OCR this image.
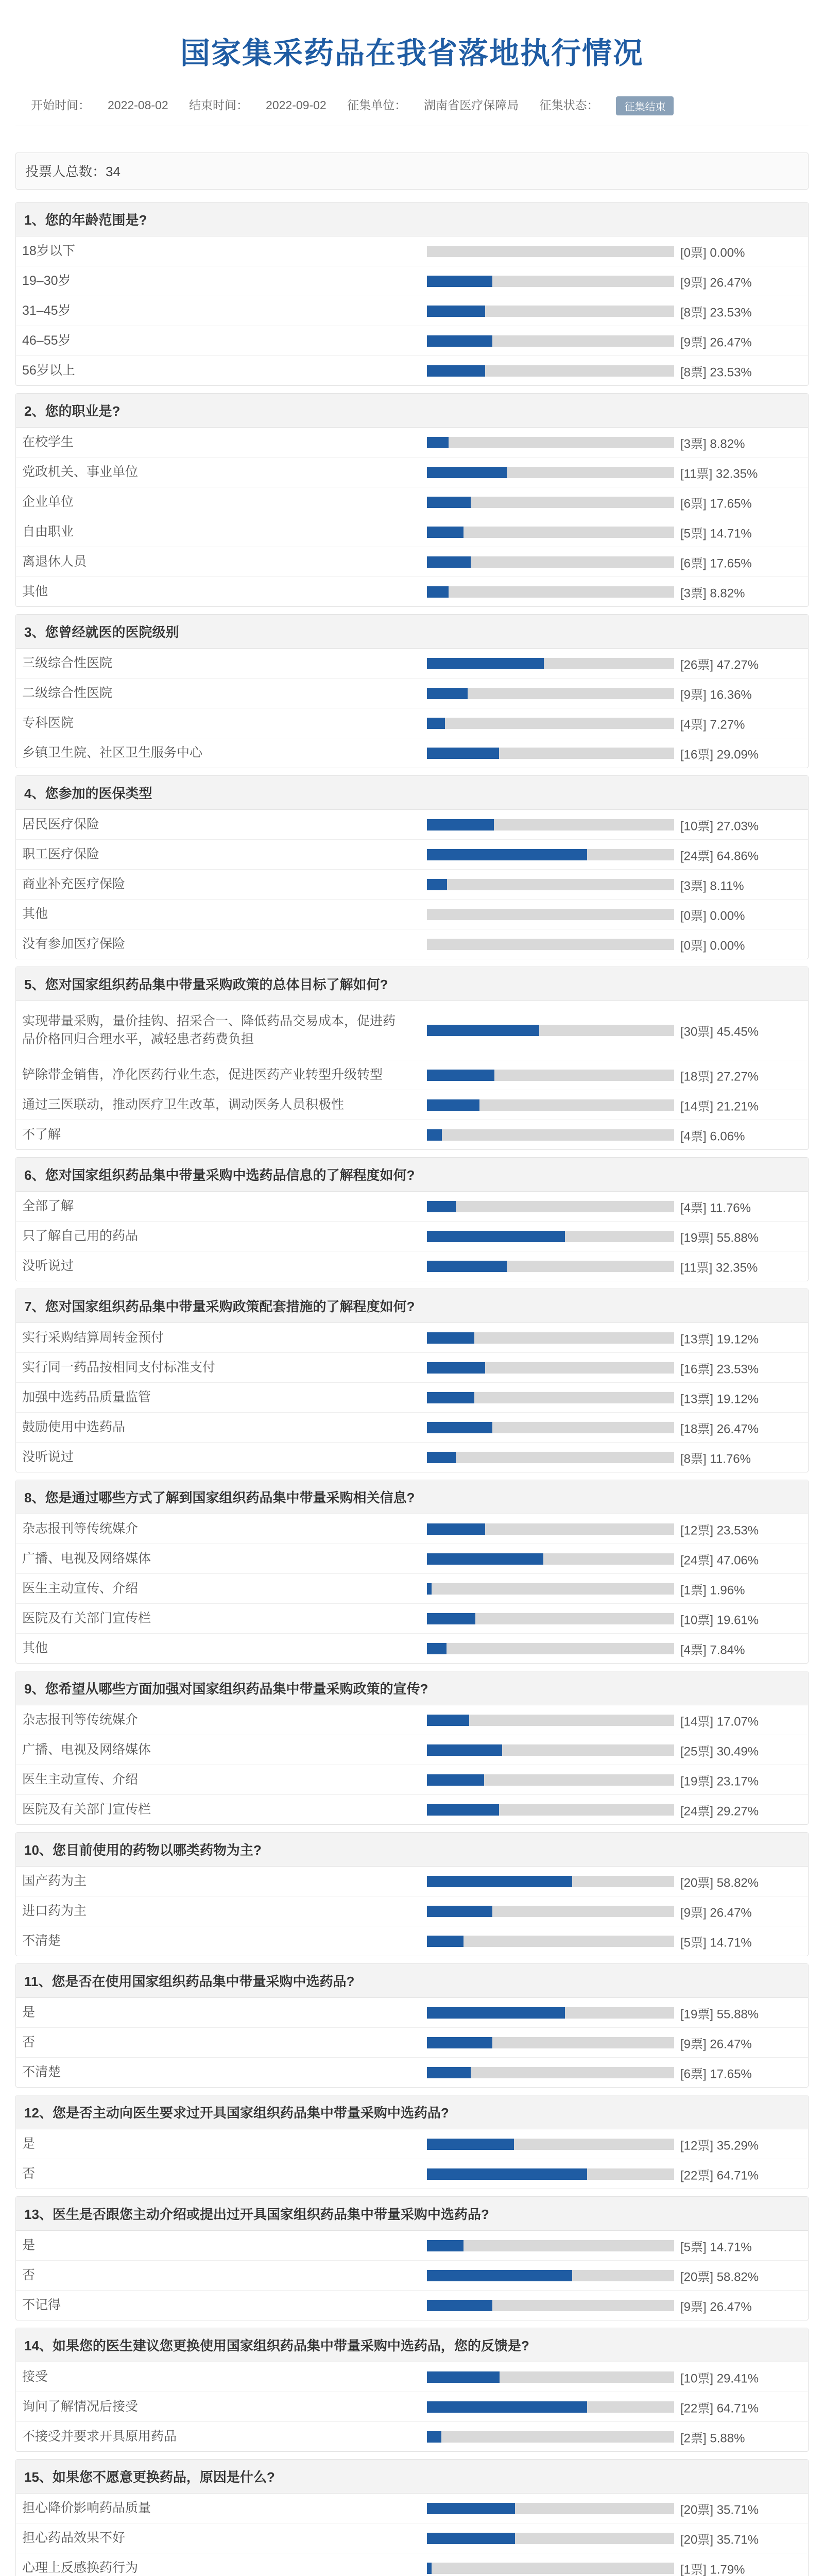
国家集采药品在我省落地执行情况
开始时间： 2022-08-02 结束时间： 2022-09-02 征集单位： 湖南省医疗保障局 征集状态：	征集结束
投票人总数：34
1、您的年龄范围是?
18岁以下	[0票] 0.00%
19–30岁	[9票] 26.47%
31–45岁	[8票] 23.53%
46–55岁	[9票] 26.47%
56岁以上	[8票] 23.53%
2、您的职业是?
在校学生	[3票] 8.82%
党政机关、事业单位	[11票] 32.35%
企业单位	[6票] 17.65%
自由职业	[5票] 14.71%
离退休人员	[6票] 17.65%
其他	[3票] 8.82%
3、您曾经就医的医院级别
三级综合性医院	[26票] 47.27%
二级综合性医院	[9票] 16.36%
专科医院	[4票] 7.27%
乡镇卫生院、社区卫生服务中心	[16票] 29.09%
4、您参加的医保类型
居民医疗保险	[10票] 27.03%
职工医疗保险	[24票] 64.86%
商业补充医疗保险	[3票] 8.11%
其他	[0票] 0.00%
没有参加医疗保险	[0票] 0.00%
5、您对国家组织药品集中带量采购政策的总体目标了解如何?
实现带量采购，量价挂钩、招采合一、降低药品交易成本，促进药品价格回归合理水平，减轻患者药费负担	[30票] 45.45%
铲除带金销售，净化医药行业生态，促进医药产业转型升级转型	[18票] 27.27%
通过三医联动，推动医疗卫生改革，调动医务人员积极性	[14票] 21.21%
不了解	[4票] 6.06%
6、您对国家组织药品集中带量采购中选药品信息的了解程度如何?
全部了解	[4票] 11.76%
只了解自己用的药品	[19票] 55.88%
没听说过	[11票] 32.35%
7、您对国家组织药品集中带量采购政策配套措施的了解程度如何?
实行采购结算周转金预付	[13票] 19.12%
实行同一药品按相同支付标准支付	[16票] 23.53%
加强中选药品质量监管	[13票] 19.12%
鼓励使用中选药品	[18票] 26.47%
没听说过	[8票] 11.76%
8、您是通过哪些方式了解到国家组织药品集中带量采购相关信息?
杂志报刊等传统媒介	[12票] 23.53%
广播、电视及网络媒体	[24票] 47.06%
医生主动宣传、介绍	[1票] 1.96%
医院及有关部门宣传栏	[10票] 19.61%
其他	[4票] 7.84%
9、您希望从哪些方面加强对国家组织药品集中带量采购政策的宣传?
杂志报刊等传统媒介	[14票] 17.07%
广播、电视及网络媒体	[25票] 30.49%
医生主动宣传、介绍	[19票] 23.17%
医院及有关部门宣传栏	[24票] 29.27%
10、您目前使用的药物以哪类药物为主?
国产药为主	[20票] 58.82%
进口药为主	[9票] 26.47%
不清楚	[5票] 14.71%
11、您是否在使用国家组织药品集中带量采购中选药品?
是	[19票] 55.88%
否	[9票] 26.47%
不清楚	[6票] 17.65%
12、您是否主动向医生要求过开具国家组织药品集中带量采购中选药品?
是	[12票] 35.29%
否	[22票] 64.71%
13、医生是否跟您主动介绍或提出过开具国家组织药品集中带量采购中选药品?
是	[5票] 14.71%
否	[20票] 58.82%
不记得	[9票] 26.47%
14、如果您的医生建议您更换使用国家组织药品集中带量采购中选药品，您的反馈是?
接受	[10票] 29.41%
询问了解情况后接受	[22票] 64.71%
不接受并要求开具原用药品	[2票] 5.88%
15、如果您不愿意更换药品，原因是什么?
担心降价影响药品质量	[20票] 35.71%
担心药品效果不好	[20票] 35.71%
心理上反感换药行为	[1票] 1.79%
